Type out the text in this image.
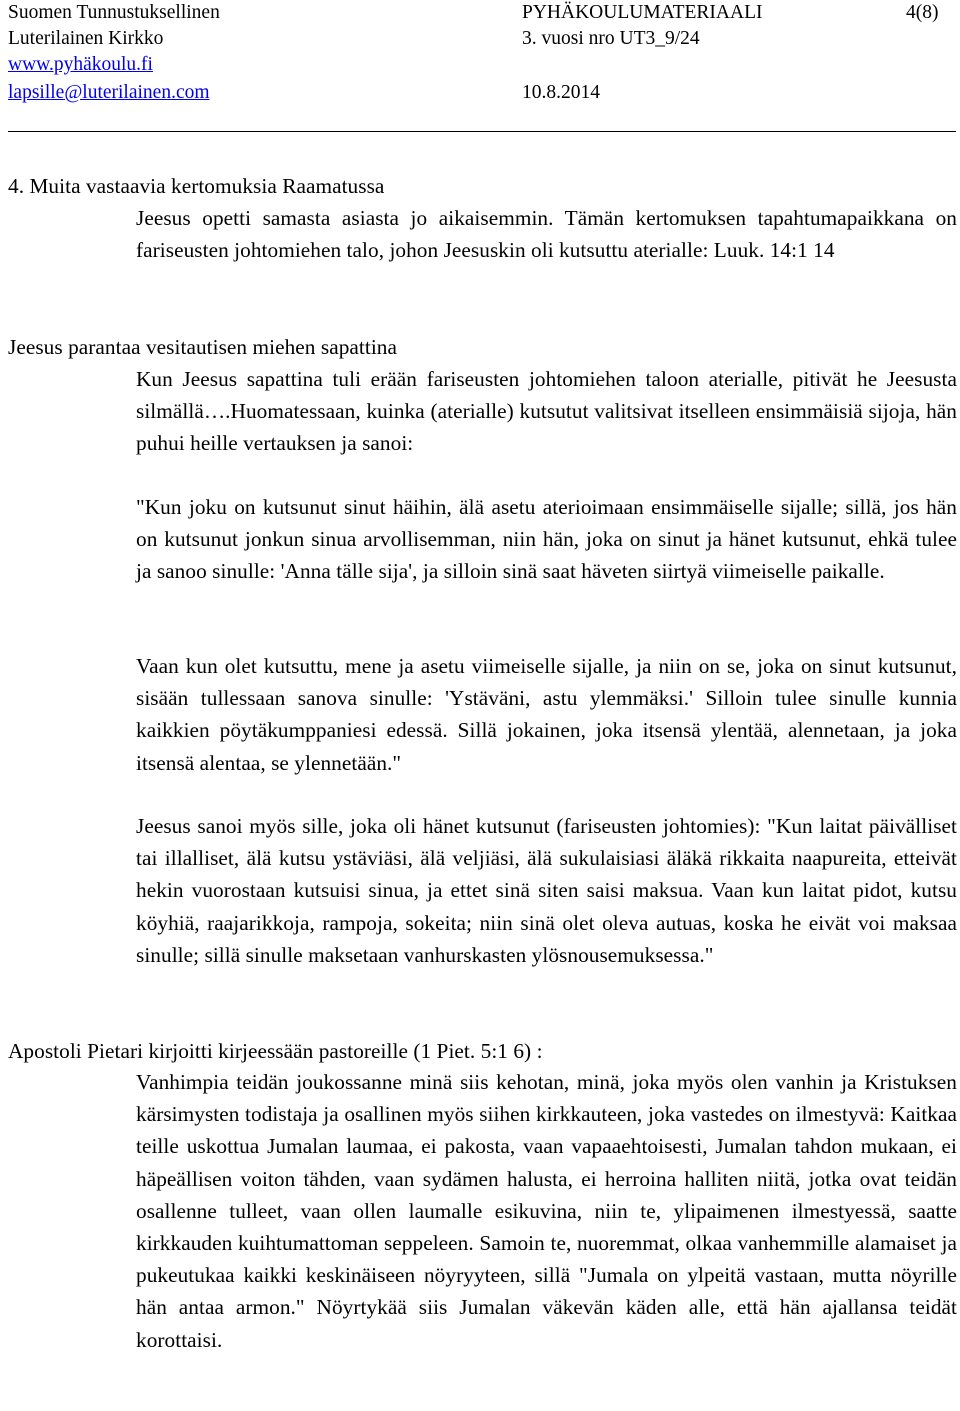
Suomen Tunnustuksellinen
Luterilainen Kirkko
www.pyhäkoulu.fi
lapsille@luterilainen.com
PYHÄKOULUMATERIAALI
3. vuosi nro UT3_9/24
10.8.2014
4(8)
4. Muita vastaavia kertomuksia Raamatussa
Jeesus opetti samasta asiasta jo aikaisemmin. Tämän kertomuksen tapahtumapaikkana on fariseusten johtomiehen talo, johon Jeesuskin oli kutsuttu aterialle: Luuk. 14:1 14
Jeesus parantaa vesitautisen miehen sapattina
Kun Jeesus sapattina tuli erään fariseusten johtomiehen taloon aterialle, pitivät he Jeesusta silmällä….Huomatessaan, kuinka (aterialle) kutsutut valitsivat itselleen ensimmäisiä sijoja, hän puhui heille vertauksen ja sanoi:
"Kun joku on kutsunut sinut häihin, älä asetu aterioimaan ensimmäiselle sijalle; sillä, jos hän on kutsunut jonkun sinua arvollisemman, niin hän, joka on sinut ja hänet kutsunut, ehkä tulee ja sanoo sinulle: 'Anna tälle sija', ja silloin sinä saat häveten siirtyä viimeiselle paikalle.
Vaan kun olet kutsuttu, mene ja asetu viimeiselle sijalle, ja niin on se, joka on sinut kutsunut, sisään tullessaan sanova sinulle: 'Ystäväni, astu ylemmäksi.' Silloin tulee sinulle kunnia kaikkien pöytäkumppaniesi edessä. Sillä jokainen, joka itsensä ylentää, alennetaan, ja joka itsensä alentaa, se ylennetään."
Jeesus sanoi myös sille, joka oli hänet kutsunut (fariseusten johtomies): "Kun laitat päivälliset tai illalliset, älä kutsu ystäviäsi, älä veljiäsi, älä sukulaisiasi äläkä rikkaita naapureita, etteivät hekin vuorostaan kutsuisi sinua, ja ettet sinä siten saisi maksua. Vaan kun laitat pidot, kutsu köyhiä, raajarikkoja, rampoja, sokeita; niin sinä olet oleva autuas, koska he eivät voi maksaa sinulle; sillä sinulle maksetaan vanhurskasten ylösnousemuksessa."
Apostoli Pietari kirjoitti kirjeessään pastoreille (1 Piet. 5:1 6) :
Vanhimpia teidän joukossanne minä siis kehotan, minä, joka myös olen vanhin ja Kristuksen kärsimysten todistaja ja osallinen myös siihen kirkkauteen, joka vastedes on ilmestyvä: Kaitkaa teille uskottua Jumalan laumaa, ei pakosta, vaan vapaaehtoisesti, Jumalan tahdon mukaan, ei häpeällisen voiton tähden, vaan sydämen halusta, ei herroina halliten niitä, jotka ovat teidän osallenne tulleet, vaan ollen laumalle esikuvina, niin te, ylipaimenen ilmestyessä, saatte kirkkauden kuihtumattoman seppeleen. Samoin te, nuoremmat, olkaa vanhemmille alamaiset ja pukeutukaa kaikki keskinäiseen nöyryyteen, sillä "Jumala on ylpeitä vastaan, mutta nöyrille hän antaa armon." Nöyrtykää siis Jumalan väkevän käden alle, että hän ajallansa teidät korottaisi.
